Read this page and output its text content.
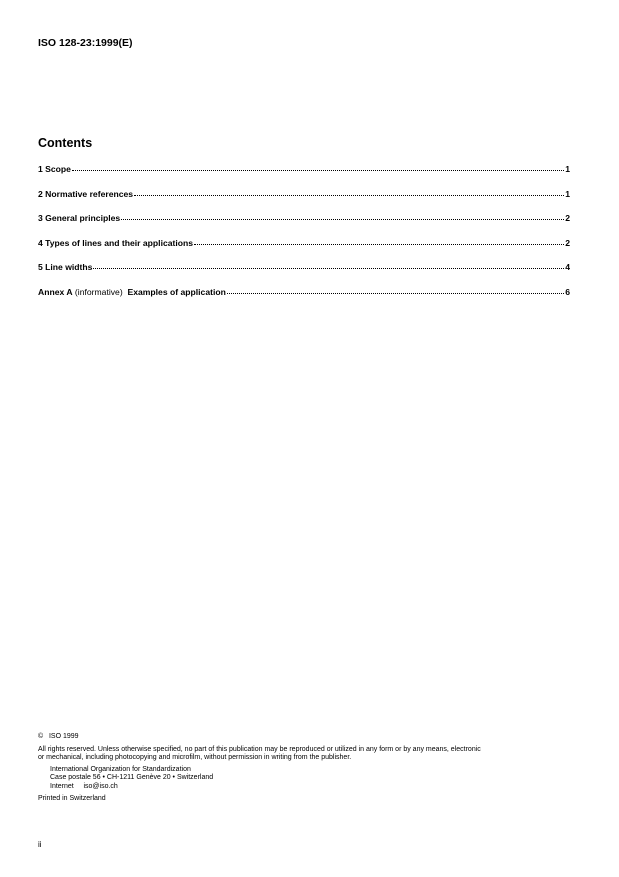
ISO 128-23:1999(E)
Contents
1 Scope	1
2 Normative references	1
3 General principles	2
4 Types of lines and their applications	2
5 Line widths	4
Annex A (informative)  Examples of application	6
©   ISO 1999
All rights reserved. Unless otherwise specified, no part of this publication may be reproduced or utilized in any form or by any means, electronic
or mechanical, including photocopying and microfilm, without permission in writing from the publisher.
International Organization for Standardization
Case postale 56 • CH-1211 Genève 20 • Switzerland
Internet     iso@iso.ch
Printed in Switzerland
ii
